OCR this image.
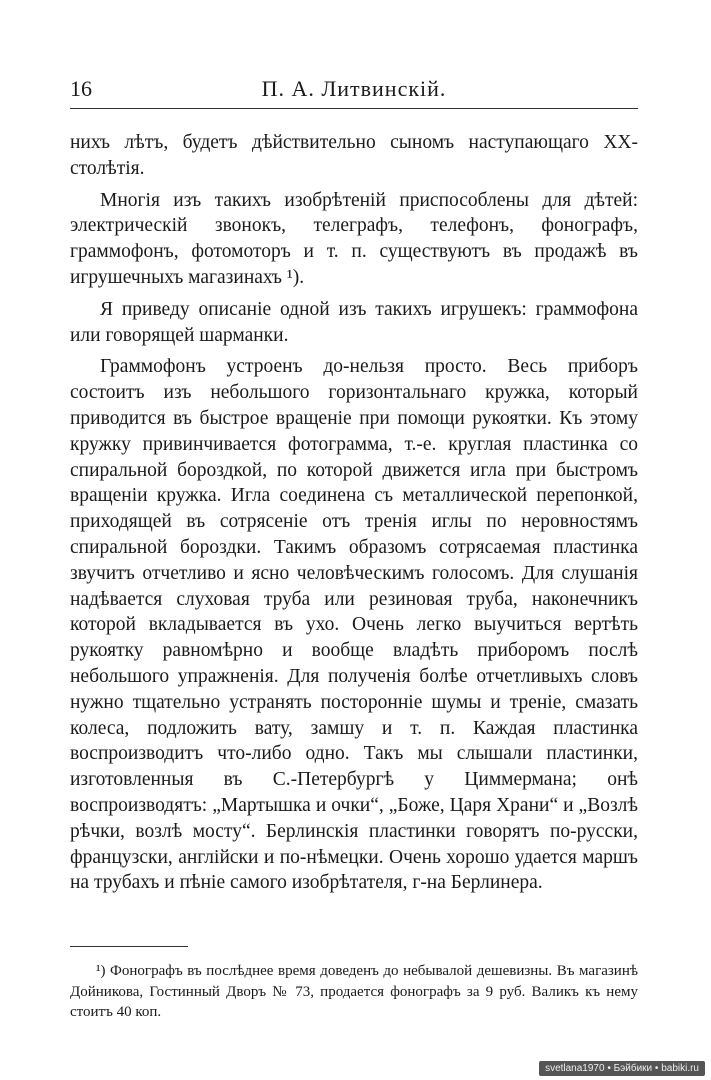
16	П. А. Литвинскій.

нихъ лѣтъ, будетъ дѣйствительно сыномъ наступающаго XX-столѣтія.

Многія изъ такихъ изобрѣтеній приспособлены для дѣтей: электрическій звонокъ, телеграфъ, телефонъ, фонографъ, граммофонъ, фотомоторъ и т. п. существуютъ въ продажѣ въ игрушечныхъ магазинахъ ¹).

Я приведу описаніе одной изъ такихъ игрушекъ: граммофона или говорящей шарманки.

Граммофонъ устроенъ до-нельзя просто. Весь приборъ состоитъ изъ небольшого горизонтальнаго кружка, который приводится въ быстрое вращеніе при помощи рукоятки. Къ этому кружку привинчивается фотограмма, т.-е. круглая пластинка со спиральной бороздкой, по которой движется игла при быстромъ вращеніи кружка. Игла соединена съ металлической перепонкой, приходящей въ сотрясеніе отъ тренія иглы по неровностямъ спиральной бороздки. Такимъ образомъ сотрясаемая пластинка звучитъ отчетливо и ясно человѣческимъ голосомъ. Для слушанія надѣвается слуховая труба или резиновая труба, наконечникъ которой вкладывается въ ухо. Очень легко выучиться вертѣть рукоятку равномѣрно и вообще владѣть приборомъ послѣ небольшого упражненія. Для полученія болѣе отчетливыхъ словъ нужно тщательно устранять посторонніе шумы и треніе, смазать колеса, подложить вату, замшу и т. п. Каждая пластинка воспроизводитъ что-либо одно. Такъ мы слышали пластинки, изготовленныя въ С.-Петербургѣ у Циммермана; онѣ воспроизводятъ: „Мартышка и очки“, „Боже, Царя Храни“ и „Возлѣ рѣчки, возлѣ мосту“. Берлинскія пластинки говорятъ по-русски, французски, англійски и по-нѣмецки. Очень хорошо удается маршъ на трубахъ и пѣніе самого изобрѣтателя, г-на Берлинера.

¹) Фонографъ въ послѣднее время доведенъ до небывалой дешевизны. Въ магазинѣ Дойникова, Гостинный Дворъ № 73, продается фонографъ за 9 руб. Валикъ къ нему стоитъ 40 коп.

svetlana1970 • Бэйбики • babiki.ru
